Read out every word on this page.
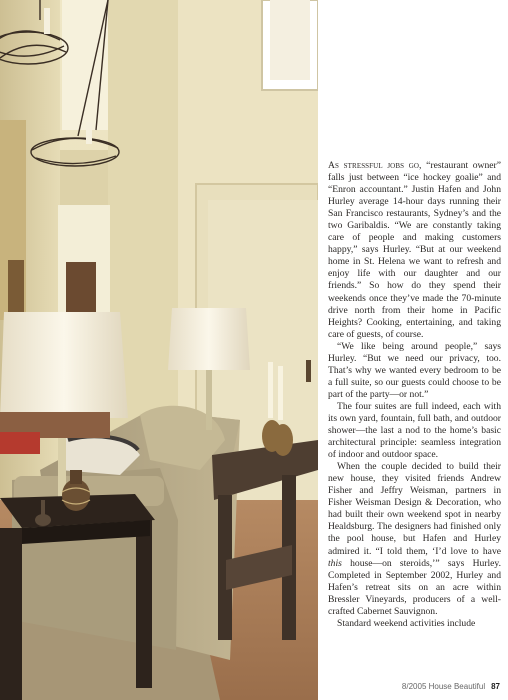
As stressful jobs go, “restaurant owner” falls just between “ice hockey goalie” and “Enron accountant.” Justin Hafen and John Hurley average 14-hour days running their San Francisco restaurants, Sydney’s and the two Garibaldis. “We are constantly taking care of people and making customers happy,” says Hurley. “But at our weekend home in St. Helena we want to refresh and enjoy life with our daughter and our friends.” So how do they spend their weekends once they’ve made the 70-minute drive north from their home in Pacific Heights? Cooking, entertaining, and taking care of guests, of course.

“We like being around people,” says Hurley. “But we need our privacy, too. That’s why we wanted every bedroom to be a full suite, so our guests could choose to be part of the party—or not.”

The four suites are full indeed, each with its own yard, fountain, full bath, and outdoor shower—the last a nod to the home’s basic architectural principle: seamless integration of indoor and outdoor space.

When the couple decided to build their new house, they visited friends Andrew Fisher and Jeffry Weisman, partners in Fisher Weisman Design & Decoration, who had built their own weekend spot in nearby Healdsburg. The designers had finished only the pool house, but Hafen and Hurley admired it. “I told them, ‘I’d love to have this house—on steroids,’” says Hurley. Completed in September 2002, Hurley and Hafen’s retreat sits on an acre within Bressler Vineyards, producers of a well-crafted Cabernet Sauvignon.

Standard weekend activities include

8/2005 House Beautiful 87
